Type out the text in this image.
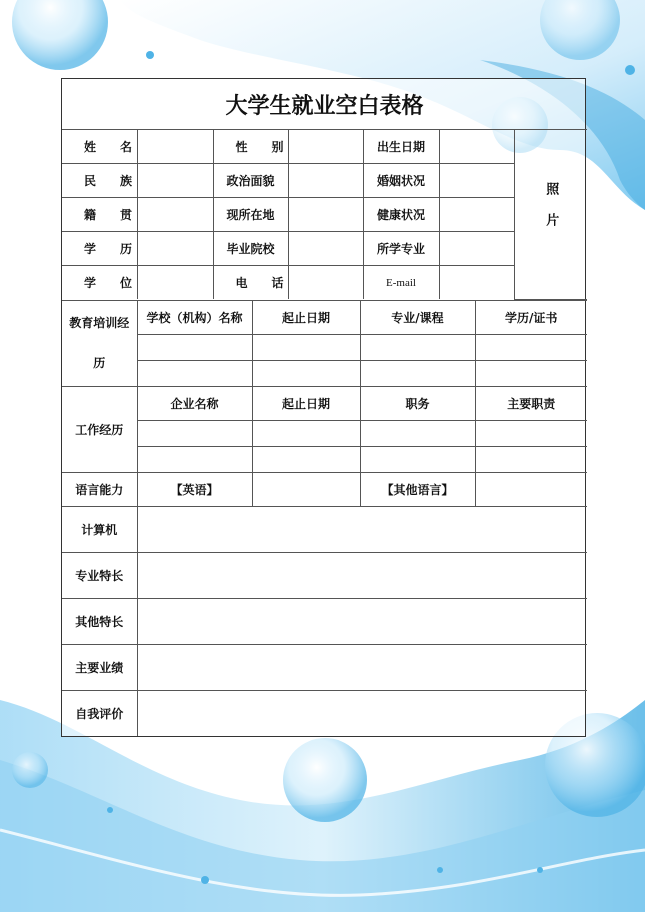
大学生就业空白表格
姓名		性别		出生日期		照片
民族		政治面貌		婚姻状况		
籍贯		现所在地		健康状况		
学历		毕业院校		所学专业		
学位		电话		E-mail		
教育培训经历	学校（机构）名称	起止日期	专业/课程	学历/证书

工作经历	企业名称	起止日期	职务	主要职责

语言能力	【英语】		【其他语言】	
计算机				
专业特长				
其他特长				
主要业绩				
自我评价				
